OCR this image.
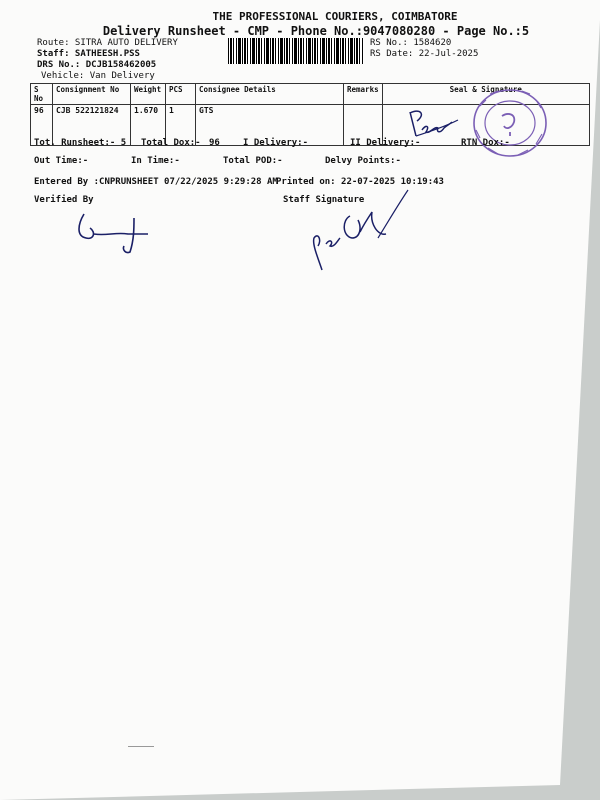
THE PROFESSIONAL COURIERS, COIMBATORE
Delivery Runsheet - CMP - Phone No.:9047080280 - Page No.:5
Route: SITRA AUTO DELIVERY
Staff: SATHEESH.PSS
DRS No.: DCJB158462005
Vehicle: Van Delivery
RS No.: 1584620
RS Date: 22-Jul-2025
S No	Consignment No	Weight	PCS	Consignee Details	Remarks	Seal & Signature
96	CJB 522121824	1.670	1	GTS		
Tot. Runsheet:- 5 Total Dox:- 96	I Delivery:-	II Delivery:-	RTN Dox:-
Out Time:-	In Time:-	Total POD:-	Delvy Points:-
Entered By :CNPRUNSHEET 07/22/2025 9:29:28 AM
Printed on: 22-07-2025 10:19:43
Verified By	Staff Signature
